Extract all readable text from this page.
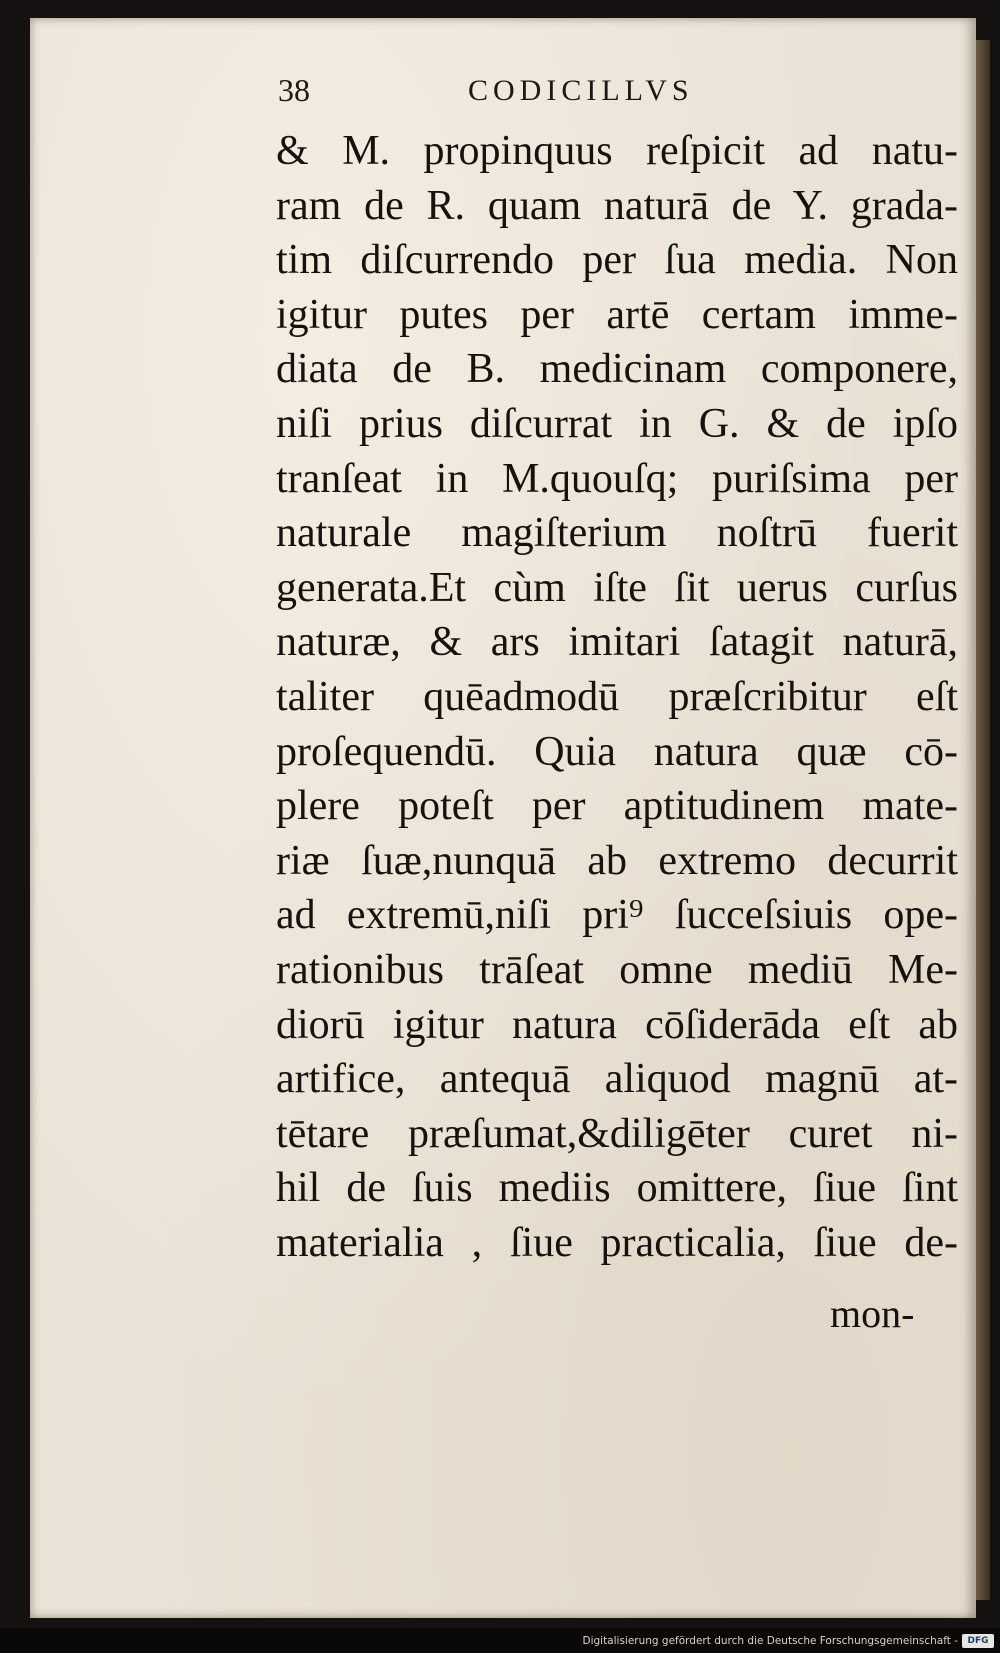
38	CODICILLVS
& M. propinquus reſpicit ad natu-
ram de R. quam naturā de Y. grada-
tim diſcurrendo per ſua media. Non
igitur putes per artē certam imme-
diata de B. medicinam componere,
niſi prius diſcurrat in G. & de ipſo
tranſeat in M.quouſq; puriſsima per
naturale magiſterium noſtrū fuerit
generata.Et cùm iſte ſit uerus curſus
naturæ, & ars imitari ſatagit naturā,
taliter quēadmodū præſcribitur eſt
proſequendū. Quia natura quæ cō-
plere poteſt per aptitudinem mate-
riæ ſuæ,nunquā ab extremo decurrit
ad extremū,niſi pri⁹ ſucceſsiuis ope-
rationibus trāſeat omne mediū Me-
diorū igitur natura cōſiderāda eſt ab
artifice, antequā aliquod magnū at-
tētare præſumat,&diligēter curet ni-
hil de ſuis mediis omittere, ſiue ſint
materialia , ſiue practicalia, ſiue de-
mon-
Digitalisierung gefördert durch die Deutsche Forschungsgemeinschaft -	DFG
